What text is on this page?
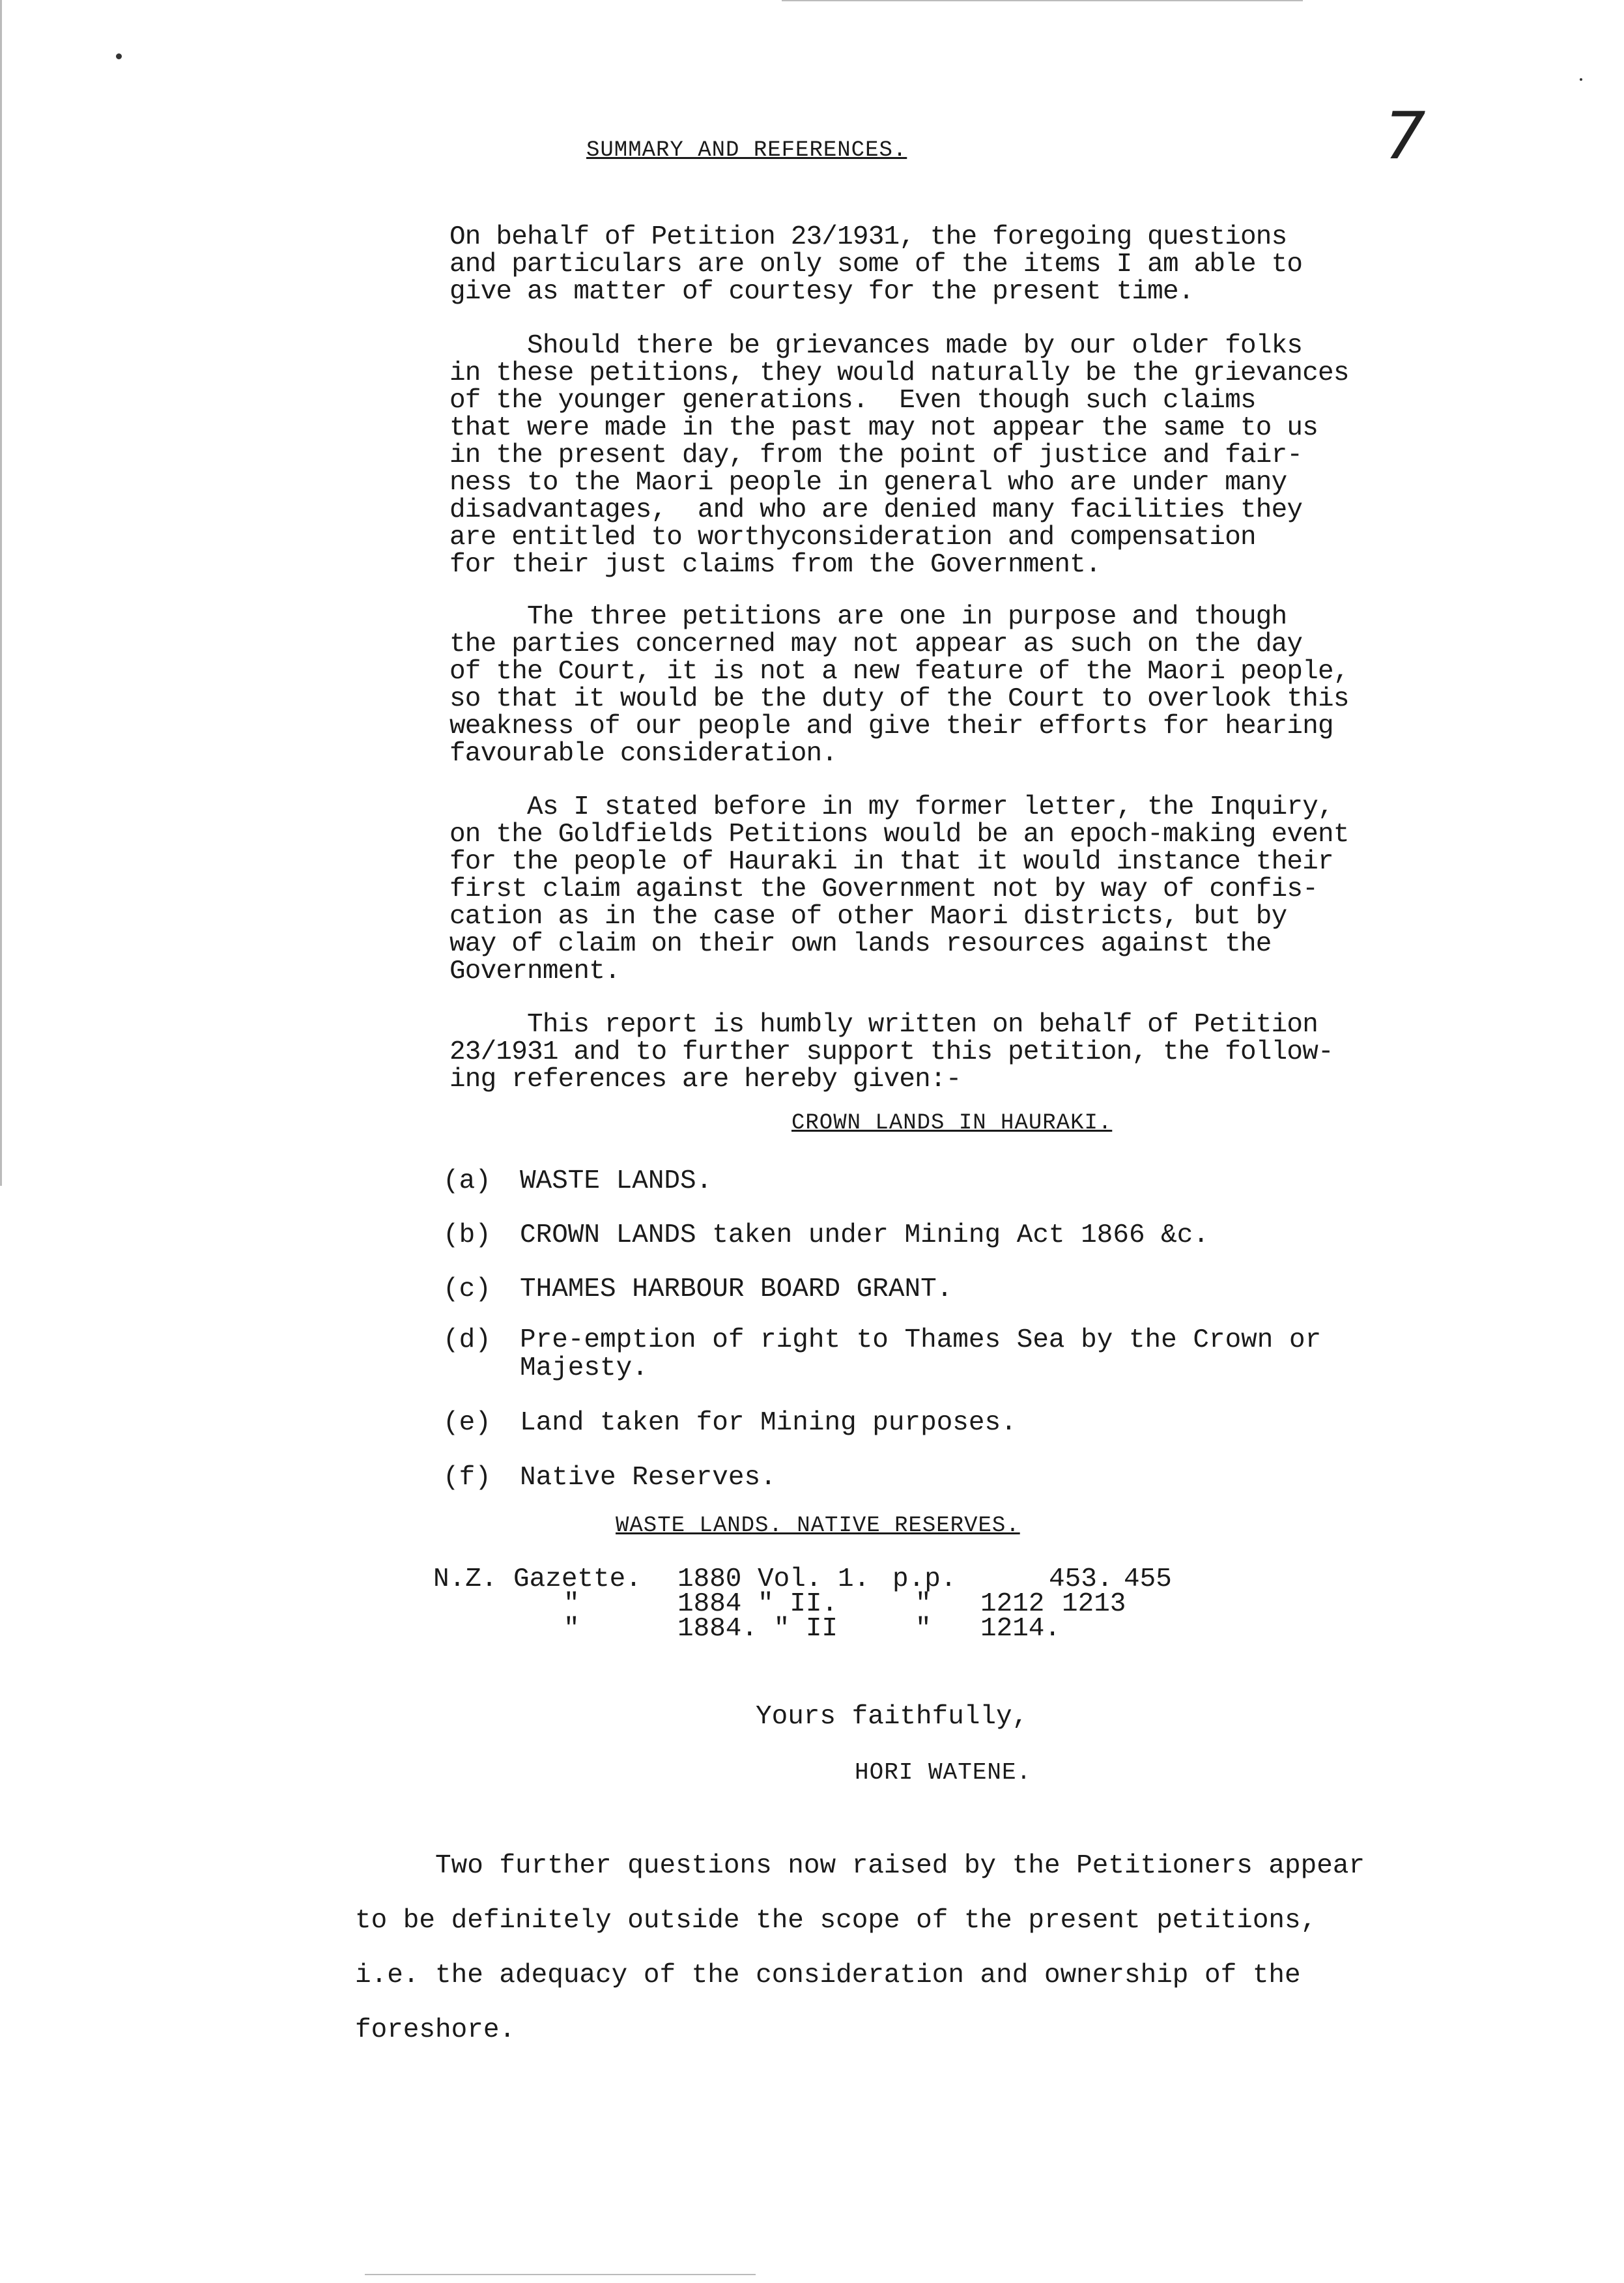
7
SUMMARY AND REFERENCES.
On behalf of Petition 23/1931, the foregoing questions
and particulars are only some of the items I am able to
give as matter of courtesy for the present time.
Should there be grievances made by our older folks
in these petitions, they would naturally be the grievances
of the younger generations.  Even though such claims
that were made in the past may not appear the same to us
in the present day, from the point of justice and fair-
ness to the Maori people in general who are under many
disadvantages,  and who are denied many facilities they
are entitled to worthyconsideration and compensation
for their just claims from the Government.
The three petitions are one in purpose and though
the parties concerned may not appear as such on the day
of the Court, it is not a new feature of the Maori people,
so that it would be the duty of the Court to overlook this
weakness of our people and give their efforts for hearing
favourable consideration.
As I stated before in my former letter, the Inquiry,
on the Goldfields Petitions would be an epoch-making event
for the people of Hauraki in that it would instance their
first claim against the Government not by way of confis-
cation as in the case of other Maori districts, but by
way of claim on their own lands resources against the
Government.
This report is humbly written on behalf of Petition
23/1931 and to further support this petition, the follow-
ing references are hereby given:-
CROWN LANDS IN HAURAKI.
(a) WASTE LANDS.
(b) CROWN LANDS taken under Mining Act 1866 &c.
(c) THAMES HARBOUR BOARD GRANT.
(d) Pre-emption of right to Thames Sea by the Crown or
Majesty.
(e) Land taken for Mining purposes.
(f) Native Reserves.
WASTE LANDS. NATIVE RESERVES.
N.Z. Gazette. 1880 Vol. 1. p.p.	453. 455
"	1884 " II.	" 1212 1213
"	1884. " II	" 1214.
Yours faithfully,
HORI WATENE.
Two further questions now raised by the Petitioners appear
to be definitely outside the scope of the present petitions,
i.e. the adequacy of the consideration and ownership of the
foreshore.
